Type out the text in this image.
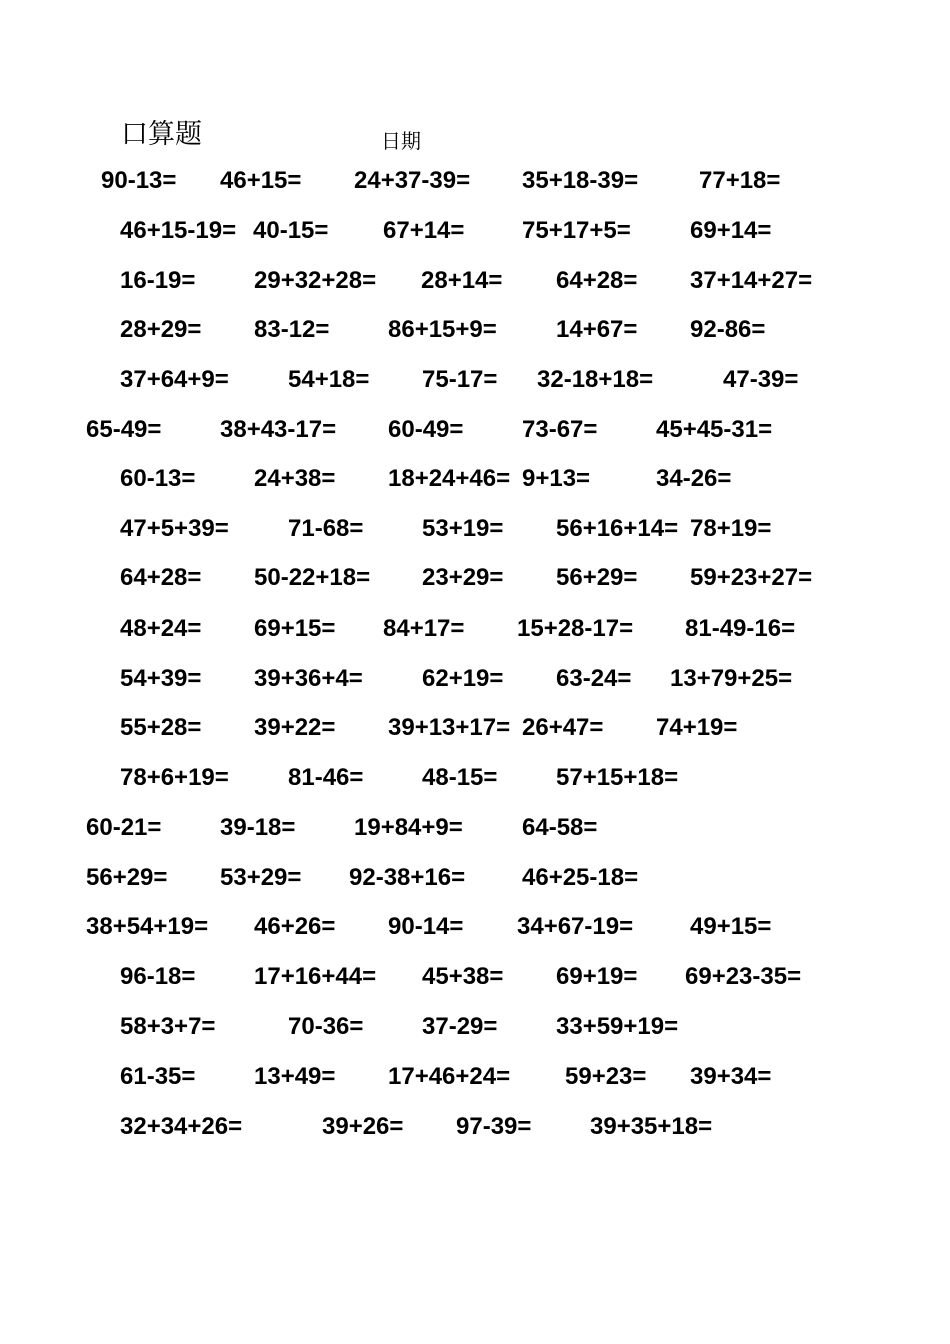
口算题	日期
90-13= 46+15= 24+37-39= 35+18-39=	77+18=
46+15-19= 40-15= 67+14= 75+17+5= 69+14=
16-19= 29+32+28= 28+14= 64+28= 37+14+27=
28+29= 83-12= 86+15+9= 14+67= 92-86=
37+64+9= 54+18= 75-17= 32-18+18=	47-39=
65-49= 38+43-17= 60-49= 73-67= 45+45-31=
60-13= 24+38= 18+24+46= 9+13=	34-26=
47+5+39= 71-68= 53+19= 56+16+14= 78+19=
64+28= 50-22+18= 23+29= 56+29= 59+23+27=
48+24= 69+15= 84+17= 15+28-17= 81-49-16=
54+39= 39+36+4= 62+19= 63-24= 13+79+25=
55+28= 39+22= 39+13+17= 26+47= 74+19=
78+6+19= 81-46= 48-15= 57+15+18=
60-21= 39-18= 19+84+9= 64-58=
56+29= 53+29= 92-38+16= 46+25-18=
38+54+19= 46+26= 90-14= 34+67-19= 49+15=
96-18= 17+16+44= 45+38= 69+19= 69+23-35=
58+3+7=	70-36= 37-29= 33+59+19=
61-35= 13+49= 17+46+24= 59+23= 39+34=
32+34+26=	39+26= 97-39= 39+35+18=
